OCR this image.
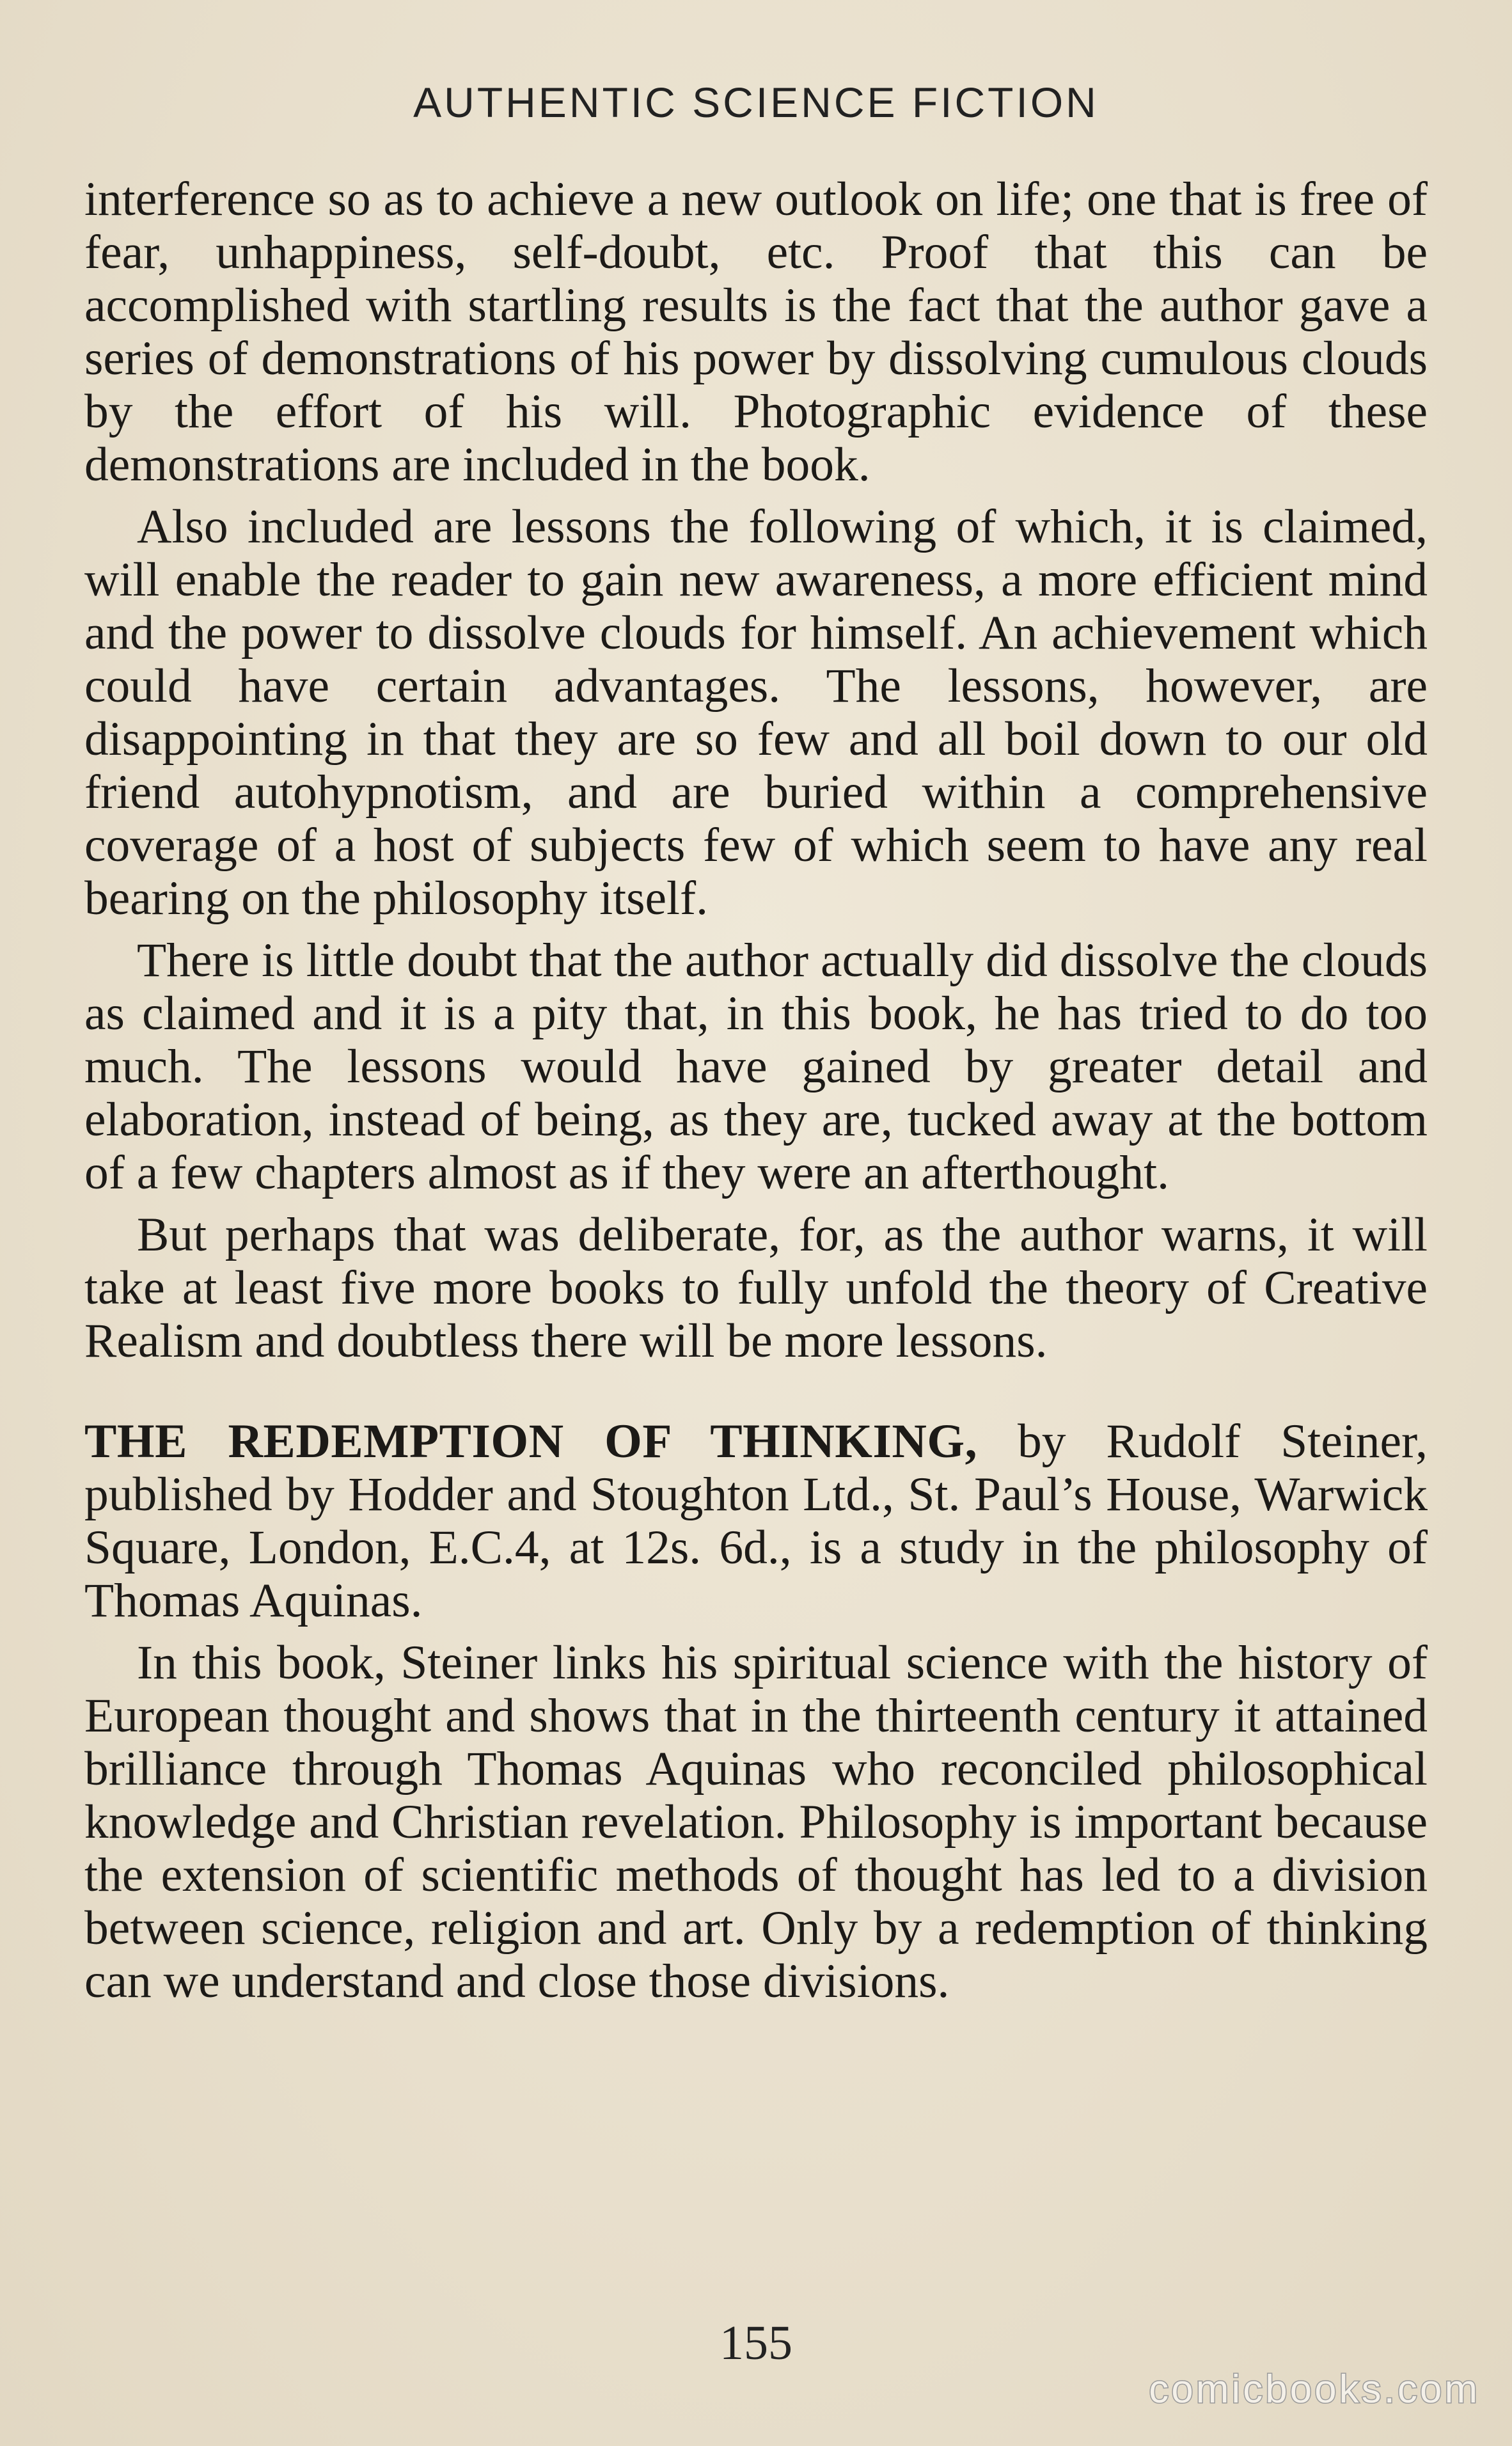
AUTHENTIC SCIENCE FICTION

interference so as to achieve a new outlook on life; one that is free of fear, unhappiness, self-doubt, etc. Proof that this can be accomplished with startling results is the fact that the author gave a series of demonstrations of his power by dissolving cumulous clouds by the effort of his will. Photographic evidence of these demonstrations are included in the book.

Also included are lessons the following of which, it is claimed, will enable the reader to gain new awareness, a more efficient mind and the power to dissolve clouds for himself. An achievement which could have certain advantages. The lessons, however, are disappointing in that they are so few and all boil down to our old friend autohypnotism, and are buried within a comprehensive coverage of a host of subjects few of which seem to have any real bearing on the philosophy itself.

There is little doubt that the author actually did dissolve the clouds as claimed and it is a pity that, in this book, he has tried to do too much. The lessons would have gained by greater detail and elaboration, instead of being, as they are, tucked away at the bottom of a few chapters almost as if they were an afterthought.

But perhaps that was deliberate, for, as the author warns, it will take at least five more books to fully unfold the theory of Creative Realism and doubtless there will be more lessons.

THE REDEMPTION OF THINKING, by Rudolf Steiner, published by Hodder and Stoughton Ltd., St. Paul’s House, Warwick Square, London, E.C.4, at 12s. 6d., is a study in the philosophy of Thomas Aquinas.

In this book, Steiner links his spiritual science with the history of European thought and shows that in the thirteenth century it attained brilliance through Thomas Aquinas who reconciled philosophical knowledge and Christian revelation. Philosophy is important because the extension of scientific methods of thought has led to a division between science, religion and art. Only by a redemption of thinking can we understand and close those divisions.

155
comicbooks.com
